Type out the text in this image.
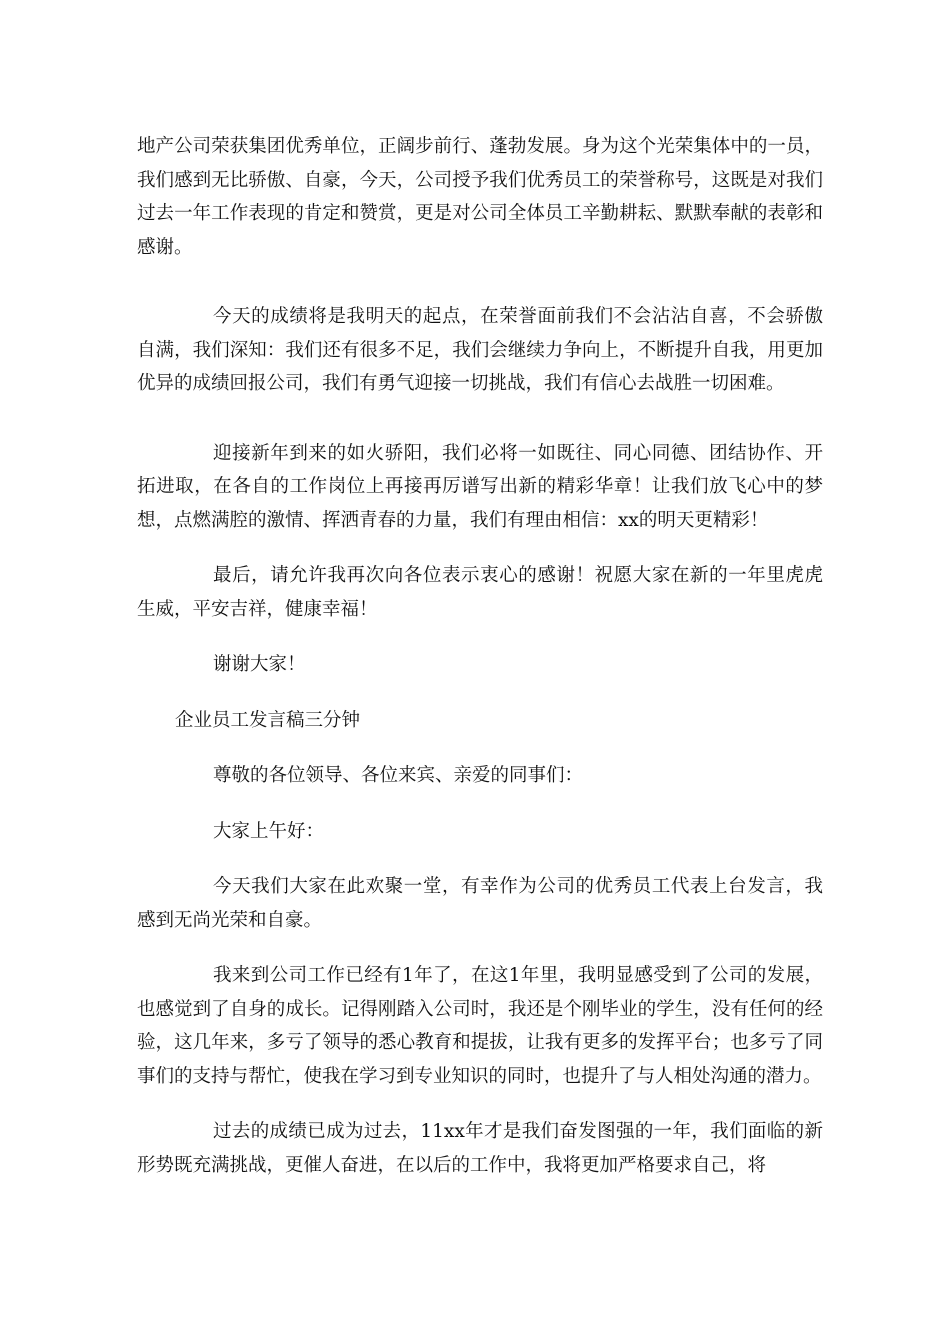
地产公司荣获集团优秀单位，正阔步前行、蓬勃发展。身为这个光荣集体中的一员，我们感到无比骄傲、自豪，今天，公司授予我们优秀员工的荣誉称号，这既是对我们过去一年工作表现的肯定和赞赏，更是对公司全体员工辛勤耕耘、默默奉献的表彰和感谢。

今天的成绩将是我明天的起点，在荣誉面前我们不会沾沾自喜，不会骄傲自满，我们深知：我们还有很多不足，我们会继续力争向上，不断提升自我，用更加优异的成绩回报公司，我们有勇气迎接一切挑战，我们有信心去战胜一切困难。

迎接新年到来的如火骄阳，我们必将一如既往、同心同德、团结协作、开拓进取，在各自的工作岗位上再接再厉谱写出新的精彩华章！让我们放飞心中的梦想，点燃满腔的激情、挥洒青春的力量，我们有理由相信：xx的明天更精彩！

最后，请允许我再次向各位表示衷心的感谢！祝愿大家在新的一年里虎虎生威，平安吉祥，健康幸福！

谢谢大家！

企业员工发言稿三分钟

尊敬的各位领导、各位来宾、亲爱的同事们：

大家上午好：

今天我们大家在此欢聚一堂，有幸作为公司的优秀员工代表上台发言，我感到无尚光荣和自豪。

我来到公司工作已经有1年了，在这1年里，我明显感受到了公司的发展，也感觉到了自身的成长。记得刚踏入公司时，我还是个刚毕业的学生，没有任何的经验，这几年来，多亏了领导的悉心教育和提拔，让我有更多的发挥平台；也多亏了同事们的支持与帮忙，使我在学习到专业知识的同时，也提升了与人相处沟通的潜力。

过去的成绩已成为过去，11xx年才是我们奋发图强的一年，我们面临的新形势既充满挑战，更催人奋进，在以后的工作中，我将更加严格要求自己，将
